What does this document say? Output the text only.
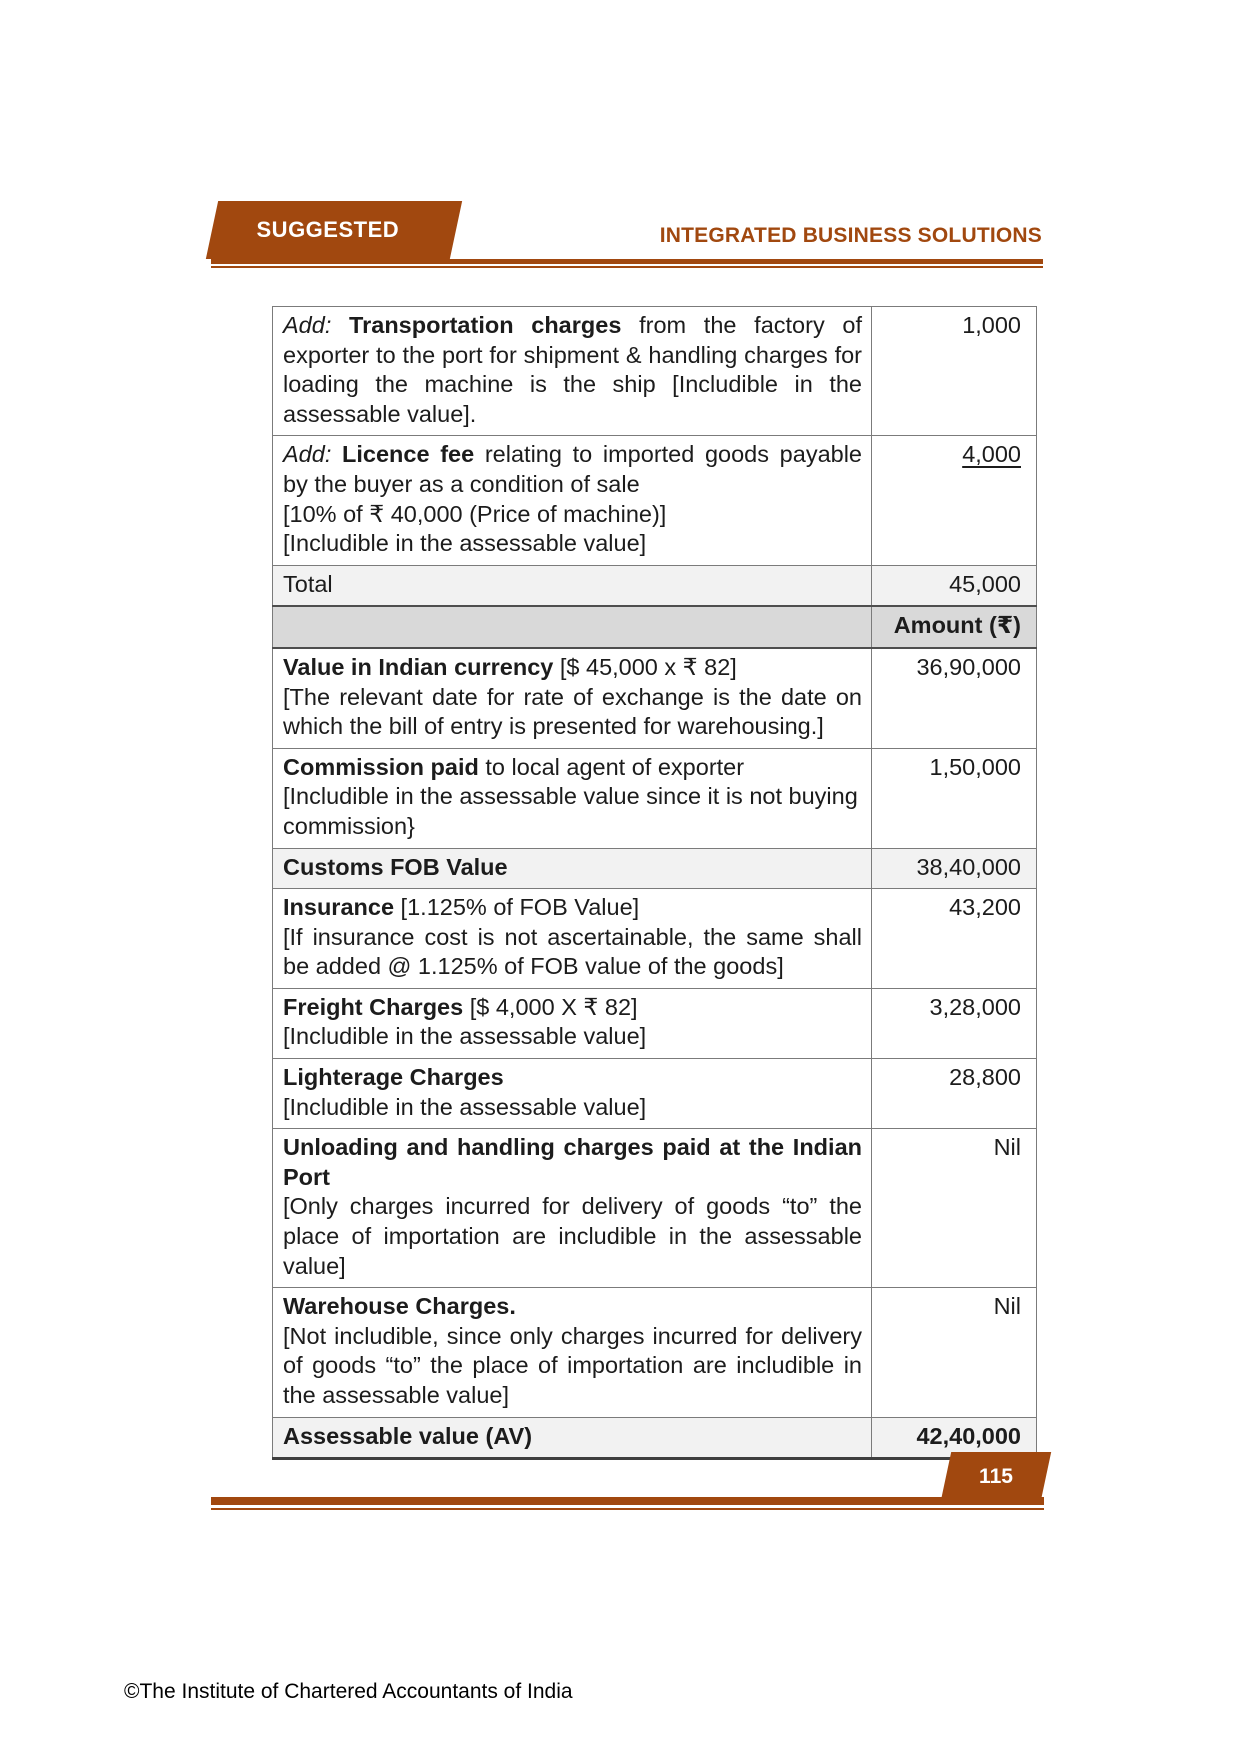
SUGGESTED ANSWER
INTEGRATED BUSINESS SOLUTIONS
Add: Transportation charges from the factory of exporter to the port for shipment & handling charges for loading the machine is the ship [Includible in the assessable value].	1,000

Add: Licence fee relating to imported goods payable by the buyer as a condition of sale
[10% of ₹ 40,000 (Price of machine)]
[Includible in the assessable value]	4,000

Total	45,000
	Amount (₹)

Value in Indian currency [$ 45,000 x ₹ 82]
[The relevant date for rate of exchange is the date on which the bill of entry is presented for warehousing.]	36,90,000

Commission paid to local agent of exporter
[Includible in the assessable value since it is not buying commission}	1,50,000

Customs FOB Value	38,40,000

Insurance [1.125% of FOB Value]
[If insurance cost is not ascertainable, the same shall be added @ 1.125% of FOB value of the goods]	43,200

Freight Charges [$ 4,000 X ₹ 82]
[Includible in the assessable value]	3,28,000

Lighterage Charges
[Includible in the assessable value]	28,800

Unloading and handling charges paid at the Indian Port
[Only charges incurred for delivery of goods “to” the place of importation are includible in the assessable value]	Nil

Warehouse Charges.
[Not includible, since only charges incurred for delivery of goods “to” the place of importation are includible in the assessable value]	Nil

Assessable value (AV)	42,40,000
115
©The Institute of Chartered Accountants of India
